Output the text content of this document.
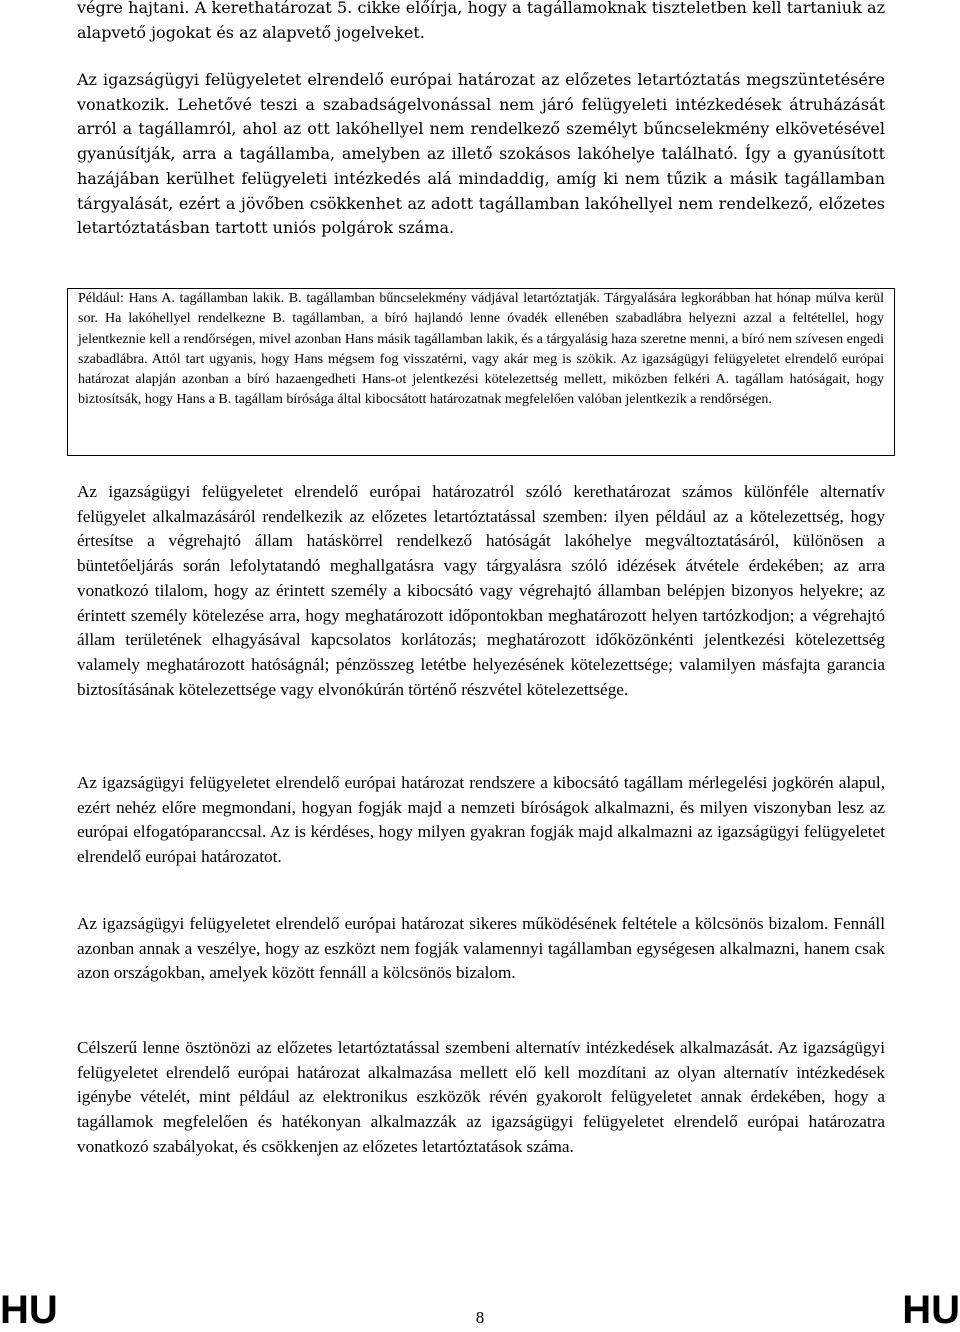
végre hajtani. A kerethatározat 5. cikke előírja, hogy a tagállamoknak tiszteletben kell tartaniuk az alapvető jogokat és az alapvető jogelveket.

Az igazságügyi felügyeletet elrendelő európai határozat az előzetes letartóztatás megszüntetésére vonatkozik. Lehetővé teszi a szabadságelvonással nem járó felügyeleti intézkedések átruházását arról a tagállamról, ahol az ott lakóhellyel nem rendelkező személyt bűncselekmény elkövetésével gyanúsítják, arra a tagállamba, amelyben az illető szokásos lakóhelye található. Így a gyanúsított hazájában kerülhet felügyeleti intézkedés alá mindaddig, amíg ki nem tűzik a másik tagállamban tárgyalását, ezért a jövőben csökkenhet az adott tagállamban lakóhellyel nem rendelkező, előzetes letartóztatásban tartott uniós polgárok száma.

Például: Hans A. tagállamban lakik. B. tagállamban bűncselekmény vádjával letartóztatják. Tárgyalására legkorábban hat hónap múlva kerül sor. Ha lakóhellyel rendelkezne B. tagállamban, a bíró hajlandó lenne óvadék ellenében szabadlábra helyezni azzal a feltétellel, hogy jelentkeznie kell a rendőrségen, mivel azonban Hans másik tagállamban lakik, és a tárgyalásig haza szeretne menni, a bíró nem szívesen engedi szabadlábra. Attól tart ugyanis, hogy Hans mégsem fog visszatérni, vagy akár meg is szökik. Az igazságügyi felügyeletet elrendelő európai határozat alapján azonban a bíró hazaengedheti Hans-ot jelentkezési kötelezettség mellett, miközben felkéri A. tagállam hatóságait, hogy biztosítsák, hogy Hans a B. tagállam bírósága által kibocsátott határozatnak megfelelően valóban jelentkezik a rendőrségen.

Az igazságügyi felügyeletet elrendelő európai határozatról szóló kerethatározat számos különféle alternatív felügyelet alkalmazásáról rendelkezik az előzetes letartóztatással szemben: ilyen például az a kötelezettség, hogy értesítse a végrehajtó állam hatáskörrel rendelkező hatóságát lakóhelye megváltoztatásáról, különösen a büntetőeljárás során lefolytatandó meghallgatásra vagy tárgyalásra szóló idézések átvétele érdekében; az arra vonatkozó tilalom, hogy az érintett személy a kibocsátó vagy végrehajtó államban belépjen bizonyos helyekre; az érintett személy kötelezése arra, hogy meghatározott időpontokban meghatározott helyen tartózkodjon; a végrehajtó állam területének elhagyásával kapcsolatos korlátozás; meghatározott időközönkénti jelentkezési kötelezettség valamely meghatározott hatóságnál; pénzösszeg letétbe helyezésének kötelezettsége; valamilyen másfajta garancia biztosításának kötelezettsége vagy elvonókúrán történő részvétel kötelezettsége.

Az igazságügyi felügyeletet elrendelő európai határozat rendszere a kibocsátó tagállam mérlegelési jogkörén alapul, ezért nehéz előre megmondani, hogyan fogják majd a nemzeti bíróságok alkalmazni, és milyen viszonyban lesz az európai elfogatóparanccsal. Az is kérdéses, hogy milyen gyakran fogják majd alkalmazni az igazságügyi felügyeletet elrendelő európai határozatot.

Az igazságügyi felügyeletet elrendelő európai határozat sikeres működésének feltétele a kölcsönös bizalom. Fennáll azonban annak a veszélye, hogy az eszközt nem fogják valamennyi tagállamban egységesen alkalmazni, hanem csak azon országokban, amelyek között fennáll a kölcsönös bizalom.

Célszerű lenne ösztönözi az előzetes letartóztatással szembeni alternatív intézkedések alkalmazását. Az igazságügyi felügyeletet elrendelő európai határozat alkalmazása mellett elő kell mozdítani az olyan alternatív intézkedések igénybe vételét, mint például az elektronikus eszközök révén gyakorolt felügyeletet annak érdekében, hogy a tagállamok megfelelően és hatékonyan alkalmazzák az igazságügyi felügyeletet elrendelő európai határozatra vonatkozó szabályokat, és csökkenjen az előzetes letartóztatások száma.

HU	8	HU
